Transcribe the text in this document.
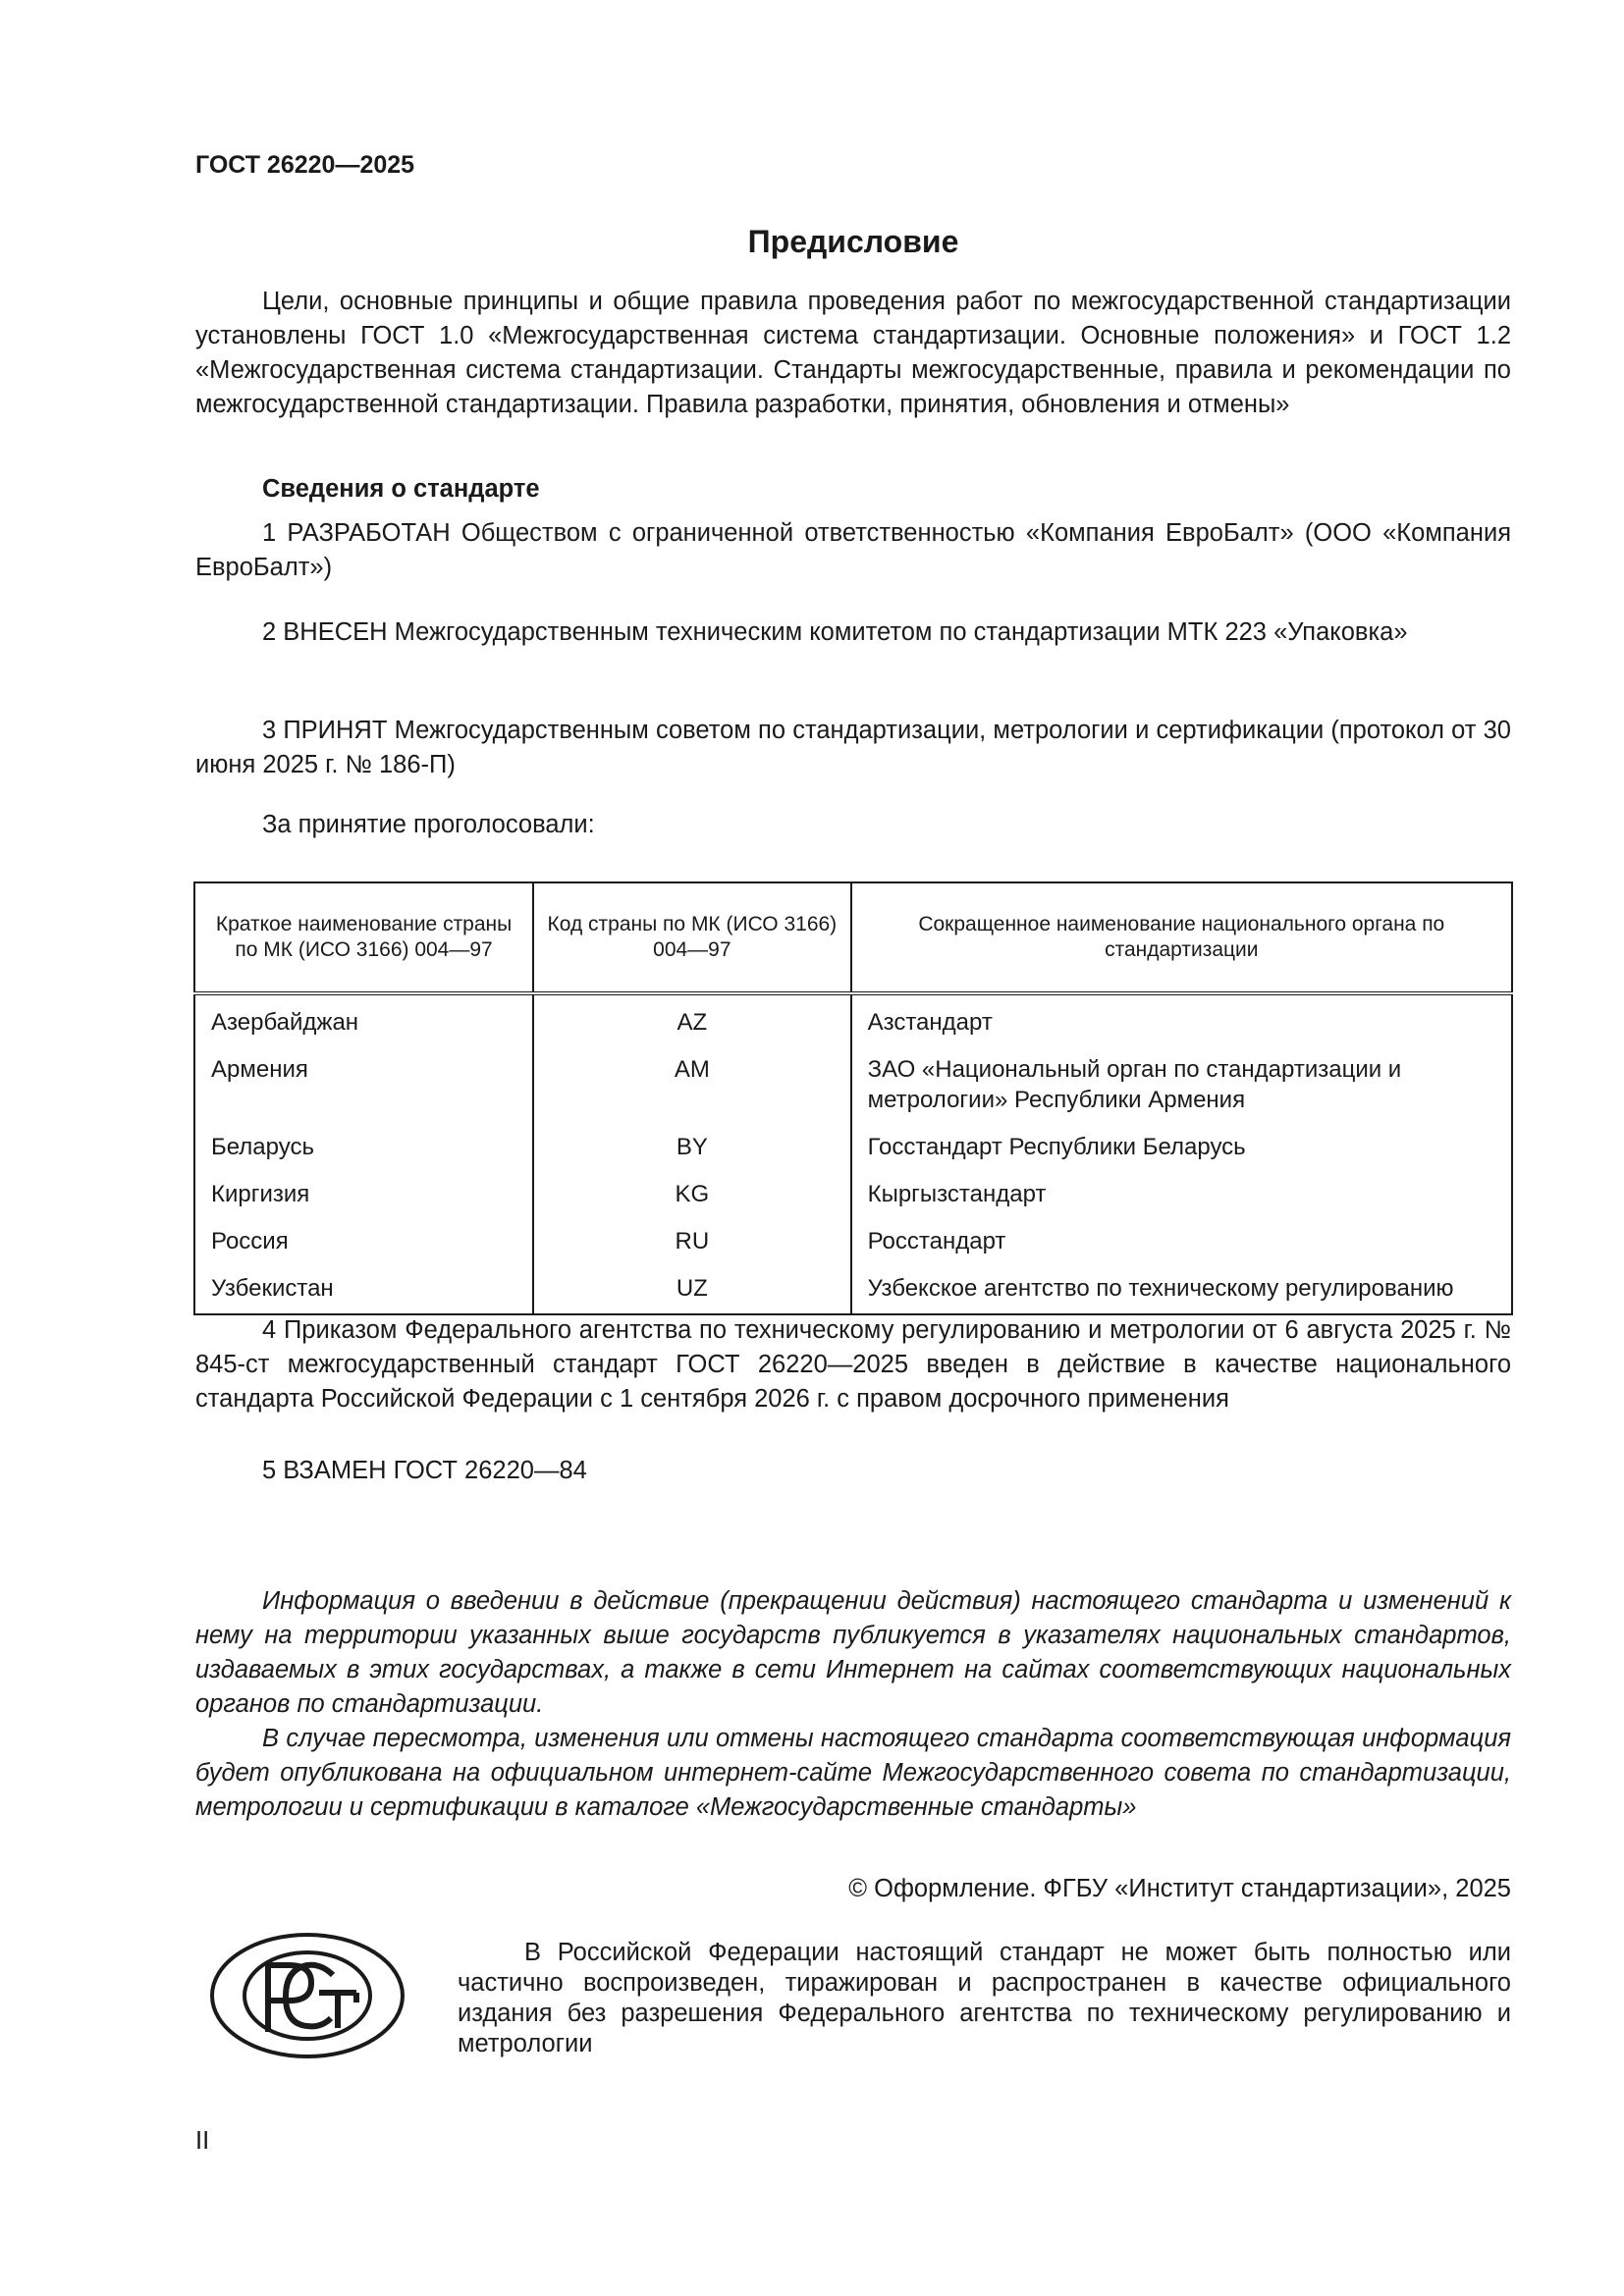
ГОСТ 26220—2025
Предисловие

Цели, основные принципы и общие правила проведения работ по межгосударственной стандартизации установлены ГОСТ 1.0 «Межгосударственная система стандартизации. Основные положения» и ГОСТ 1.2 «Межгосударственная система стандартизации. Стандарты межгосударственные, правила и рекомендации по межгосударственной стандартизации. Правила разработки, принятия, обновления и отмены»

Сведения о стандарте

1 РАЗРАБОТАН Обществом с ограниченной ответственностью «Компания ЕвроБалт» (ООО «Компания ЕвроБалт»)

2 ВНЕСЕН Межгосударственным техническим комитетом по стандартизации МТК 223 «Упаковка»

3 ПРИНЯТ Межгосударственным советом по стандартизации, метрологии и сертификации (протокол от 30 июня 2025 г. № 186-П)

За принятие проголосовали:
Краткое наименование страны по МК (ИСО 3166) 004—97	Код страны по МК (ИСО 3166) 004—97	Сокращенное наименование национального органа по стандартизации
Азербайджан	AZ	Азстандарт
Армения	AM	ЗАО «Национальный орган по стандартизации и метрологии» Республики Армения
Беларусь	BY	Госстандарт Республики Беларусь
Киргизия	KG	Кыргызстандарт
Россия	RU	Росстандарт
Узбекистан	UZ	Узбекское агентство по техническому регулированию

4 Приказом Федерального агентства по техническому регулированию и метрологии от 6 августа 2025 г. № 845-ст межгосударственный стандарт ГОСТ 26220—2025 введен в действие в качестве национального стандарта Российской Федерации с 1 сентября 2026 г. с правом досрочного применения

5 ВЗАМЕН ГОСТ 26220—84

Информация о введении в действие (прекращении действия) настоящего стандарта и изменений к нему на территории указанных выше государств публикуется в указателях национальных стандартов, издаваемых в этих государствах, а также в сети Интернет на сайтах соответствующих национальных органов по стандартизации.

В случае пересмотра, изменения или отмены настоящего стандарта соответствующая информация будет опубликована на официальном интернет-сайте Межгосударственного совета по стандартизации, метрологии и сертификации в каталоге «Межгосударственные стандарты»

© Оформление. ФГБУ «Институт стандартизации», 2025

В Российской Федерации настоящий стандарт не может быть полностью или частично воспроизведен, тиражирован и распространен в качестве официального издания без разрешения Федерального агентства по техническому регулированию и метрологии

II
